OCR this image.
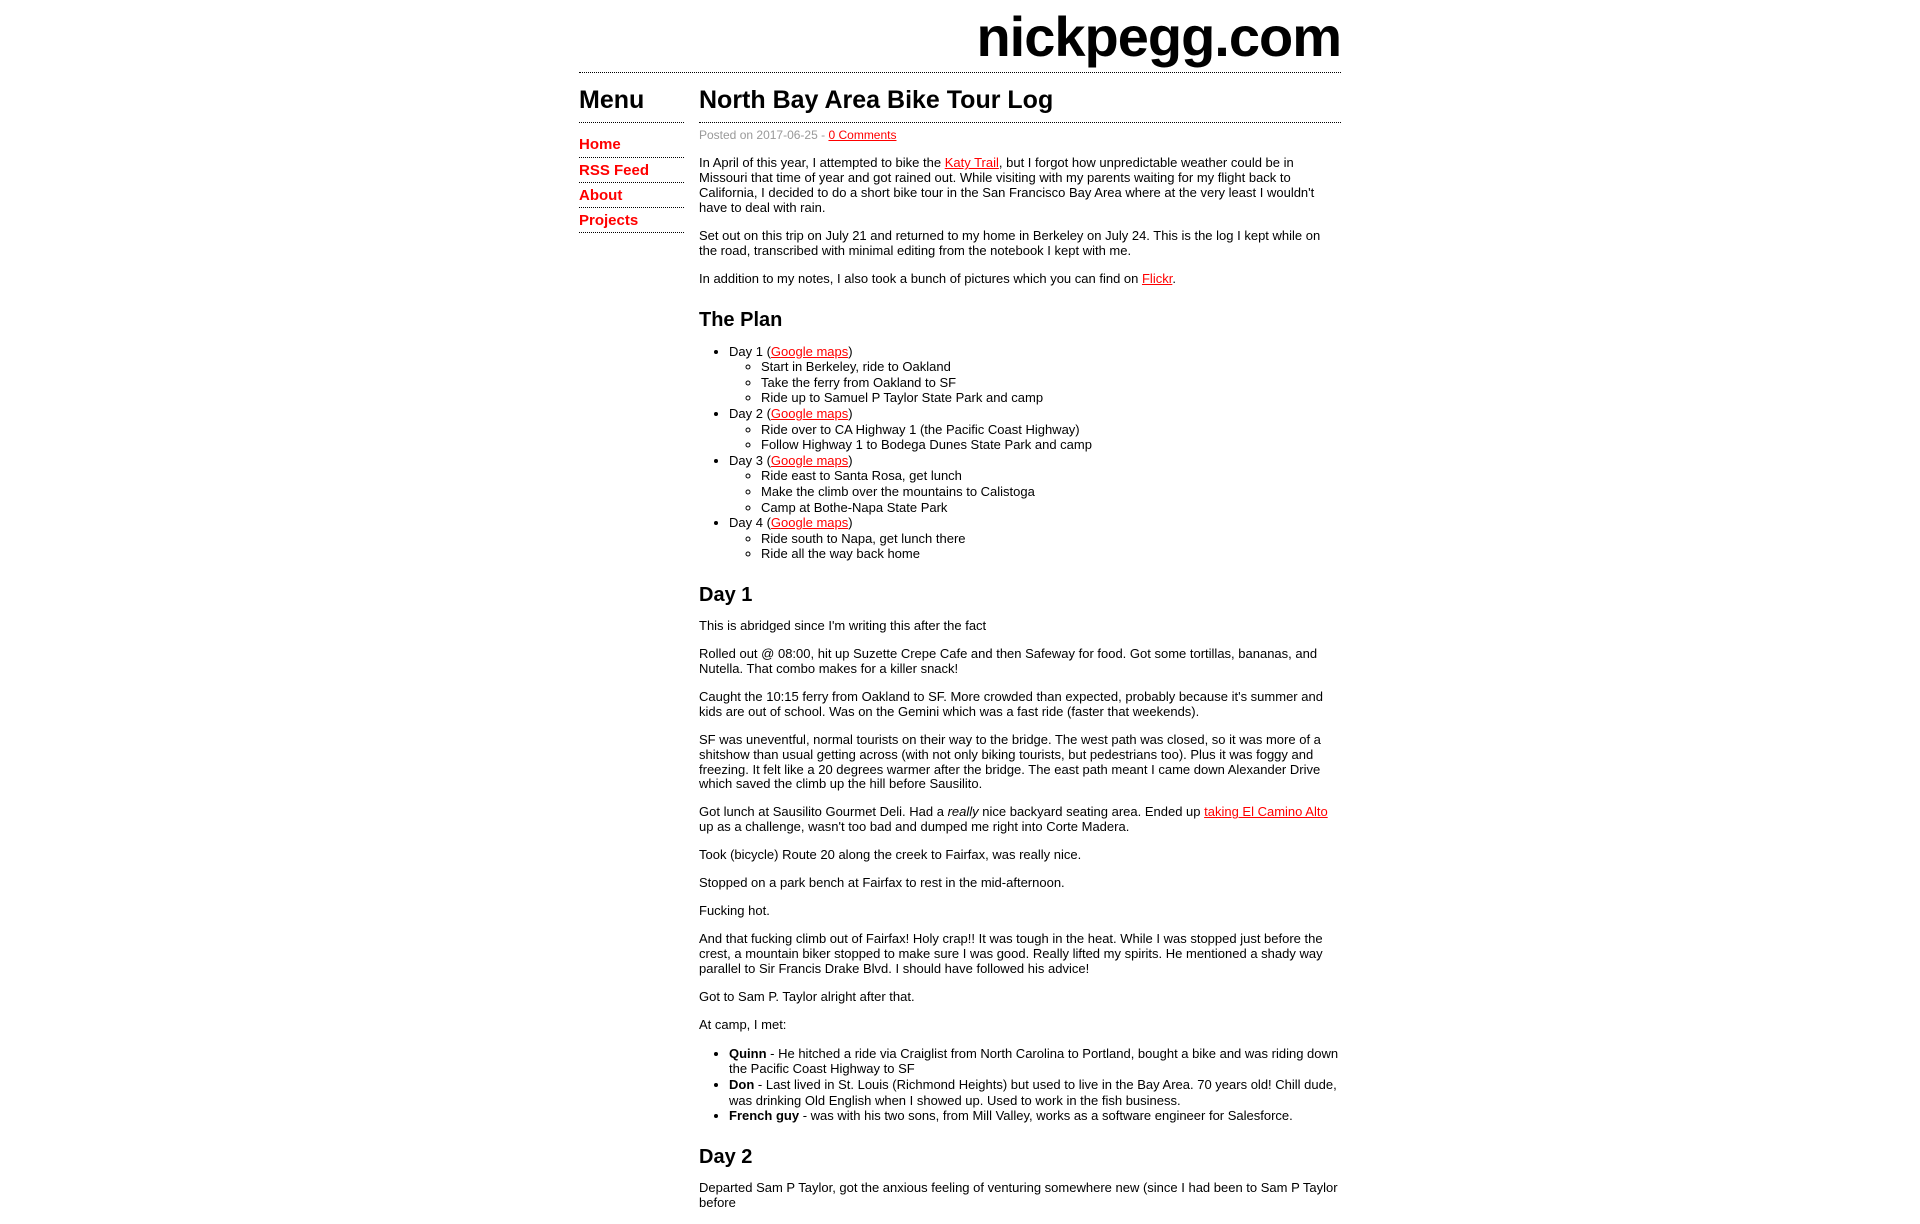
nickpegg.com
Menu
Home
RSS Feed
About
Projects
North Bay Area Bike Tour Log
Posted on 2017-06-25 - 0 Comments

In April of this year, I attempted to bike the Katy Trail, but I forgot how unpredictable weather could be in Missouri that time of year and got rained out. While visiting with my parents waiting for my flight back to California, I decided to do a short bike tour in the San Francisco Bay Area where at the very least I wouldn't have to deal with rain.

Set out on this trip on July 21 and returned to my home in Berkeley on July 24. This is the log I kept while on the road, transcribed with minimal editing from the notebook I kept with me.

In addition to my notes, I also took a bunch of pictures which you can find on Flickr.

The Plan
• Day 1 (Google maps)
◦ Start in Berkeley, ride to Oakland
◦ Take the ferry from Oakland to SF
◦ Ride up to Samuel P Taylor State Park and camp
• Day 2 (Google maps)
◦ Ride over to CA Highway 1 (the Pacific Coast Highway)
◦ Follow Highway 1 to Bodega Dunes State Park and camp
• Day 3 (Google maps)
◦ Ride east to Santa Rosa, get lunch
◦ Make the climb over the mountains to Calistoga
◦ Camp at Bothe-Napa State Park
• Day 4 (Google maps)
◦ Ride south to Napa, get lunch there
◦ Ride all the way back home
Day 1

This is abridged since I'm writing this after the fact

Rolled out @ 08:00, hit up Suzette Crepe Cafe and then Safeway for food. Got some tortillas, bananas, and Nutella. That combo makes for a killer snack!

Caught the 10:15 ferry from Oakland to SF. More crowded than expected, probably because it's summer and kids are out of school. Was on the Gemini which was a fast ride (faster that weekends).

SF was uneventful, normal tourists on their way to the bridge. The west path was closed, so it was more of a shitshow than usual getting across (with not only biking tourists, but pedestrians too). Plus it was foggy and freezing. It felt like a 20 degrees warmer after the bridge. The east path meant I came down Alexander Drive which saved the climb up the hill before Sausilito.

Got lunch at Sausilito Gourmet Deli. Had a really nice backyard seating area. Ended up taking El Camino Alto up as a challenge, wasn't too bad and dumped me right into Corte Madera.

Took (bicycle) Route 20 along the creek to Fairfax, was really nice.

Stopped on a park bench at Fairfax to rest in the mid-afternoon.

Fucking hot.

And that fucking climb out of Fairfax! Holy crap!! It was tough in the heat. While I was stopped just before the crest, a mountain biker stopped to make sure I was good. Really lifted my spirits. He mentioned a shady way parallel to Sir Francis Drake Blvd. I should have followed his advice!

Got to Sam P. Taylor alright after that.

At camp, I met:

• Quinn - He hitched a ride via Craiglist from North Carolina to Portland, bought a bike and was riding down the Pacific Coast Highway to SF
• Don - Last lived in St. Louis (Richmond Heights) but used to live in the Bay Area. 70 years old! Chill dude, was drinking Old English when I showed up. Used to work in the fish business.
• French guy - was with his two sons, from Mill Valley, works as a software engineer for Salesforce.
Day 2

Departed Sam P Taylor, got the anxious feeling of venturing somewhere new (since I had been to Sam P Taylor before
